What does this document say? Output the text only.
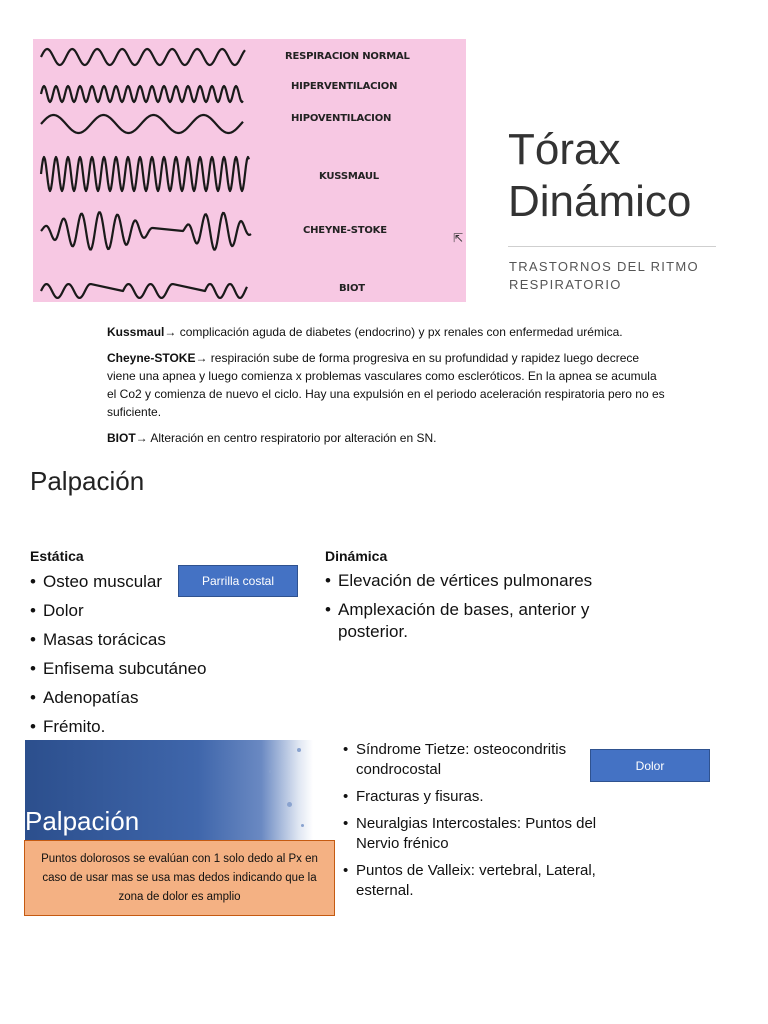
RESPIRACION NORMAL
HIPERVENTILACION
HIPOVENTILACION
KUSSMAUL
CHEYNE-STOKE
BIOT
⇱
Tórax
Dinámico
TRASTORNOS DEL RITMO
RESPIRATORIO

Kussmaul→ complicación aguda de diabetes (endocrino) y px renales con enfermedad urémica.

Cheyne-STOKE→ respiración sube de forma progresiva en su profundidad y rapidez luego decrece viene una apnea y luego comienza x problemas vasculares como escleróticos. En la apnea se acumula el Co2 y comienza de nuevo el ciclo. Hay una expulsión en el periodo aceleración respiratoria pero no es suficiente.

BIOT→ Alteración en centro respiratorio por alteración en SN.

Palpación
Estática
• Osteo muscular
• Dolor
• Masas torácicas
• Enfisema subcutáneo
• Adenopatías
• Frémito.
Parrilla costal
Dinámica
• Elevación de vértices pulmonares
• Amplexación de bases, anterior y posterior.
Palpación
Puntos dolorosos se evalúan con 1 solo dedo al Px en caso de usar mas se usa mas dedos indicando que la zona de dolor es amplio
• Síndrome Tietze: osteocondritis condrocostal
• Fracturas y fisuras.
• Neuralgias Intercostales: Puntos del Nervio frénico
• Puntos de Valleix: vertebral, Lateral, esternal.
Dolor
